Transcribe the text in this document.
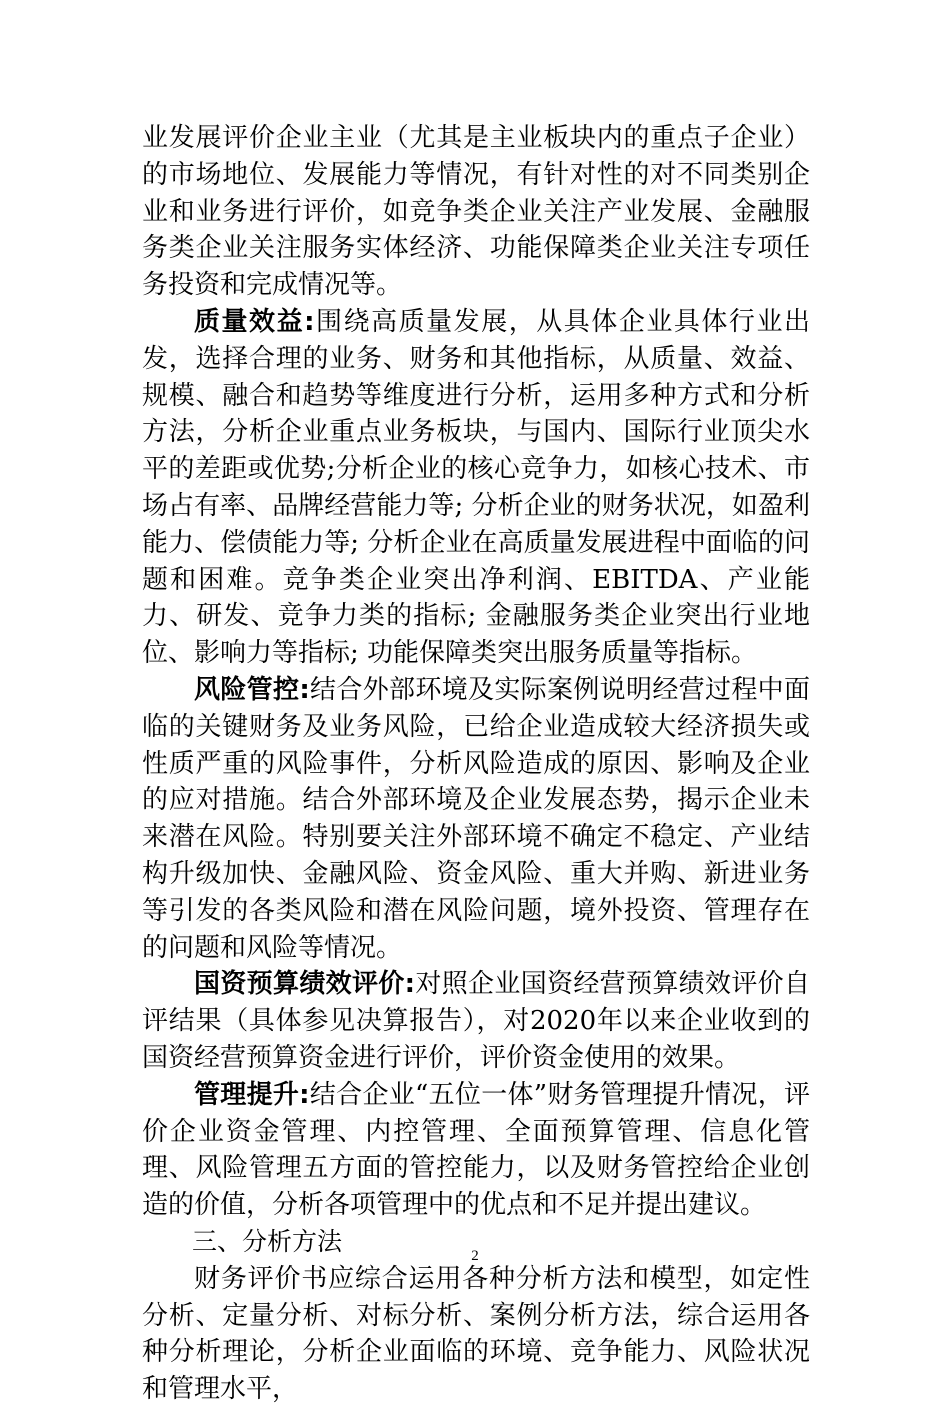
业发展评价企业主业（尤其是主业板块内的重点子企业）的市场地位、发展能力等情况，有针对性的对不同类别企业和业务进行评价，如竞争类企业关注产业发展、金融服务类企业关注服务实体经济、功能保障类企业关注专项任务投资和完成情况等。

质量效益:围绕高质量发展，从具体企业具体行业出发，选择合理的业务、财务和其他指标，从质量、效益、规模、融合和趋势等维度进行分析，运用多种方式和分析方法，分析企业重点业务板块，与国内、国际行业顶尖水平的差距或优势;分析企业的核心竞争力，如核心技术、市场占有率、品牌经营能力等; 分析企业的财务状况，如盈利能力、偿债能力等; 分析企业在高质量发展进程中面临的问题和困难。竞争类企业突出净利润、EBITDA、产业能力、研发、竞争力类的指标; 金融服务类企业突出行业地位、影响力等指标; 功能保障类突出服务质量等指标。

风险管控:结合外部环境及实际案例说明经营过程中面临的关键财务及业务风险，已给企业造成较大经济损失或性质严重的风险事件，分析风险造成的原因、影响及企业的应对措施。结合外部环境及企业发展态势，揭示企业未来潜在风险。特别要关注外部环境不确定不稳定、产业结构升级加快、金融风险、资金风险、重大并购、新进业务等引发的各类风险和潜在风险问题，境外投资、管理存在的问题和风险等情况。

国资预算绩效评价:对照企业国资经营预算绩效评价自评结果（具体参见决算报告），对2020年以来企业收到的国资经营预算资金进行评价，评价资金使用的效果。

管理提升:结合企业“五位一体”财务管理提升情况，评价企业资金管理、内控管理、全面预算管理、信息化管理、风险管理五方面的管控能力，以及财务管控给企业创造的价值，分析各项管理中的优点和不足并提出建议。

三、分析方法

财务评价书应综合运用各种分析方法和模型，如定性分析、定量分析、对标分析、案例分析方法，综合运用各种分析理论，分析企业面临的环境、竞争能力、风险状况和管理水平，

2
